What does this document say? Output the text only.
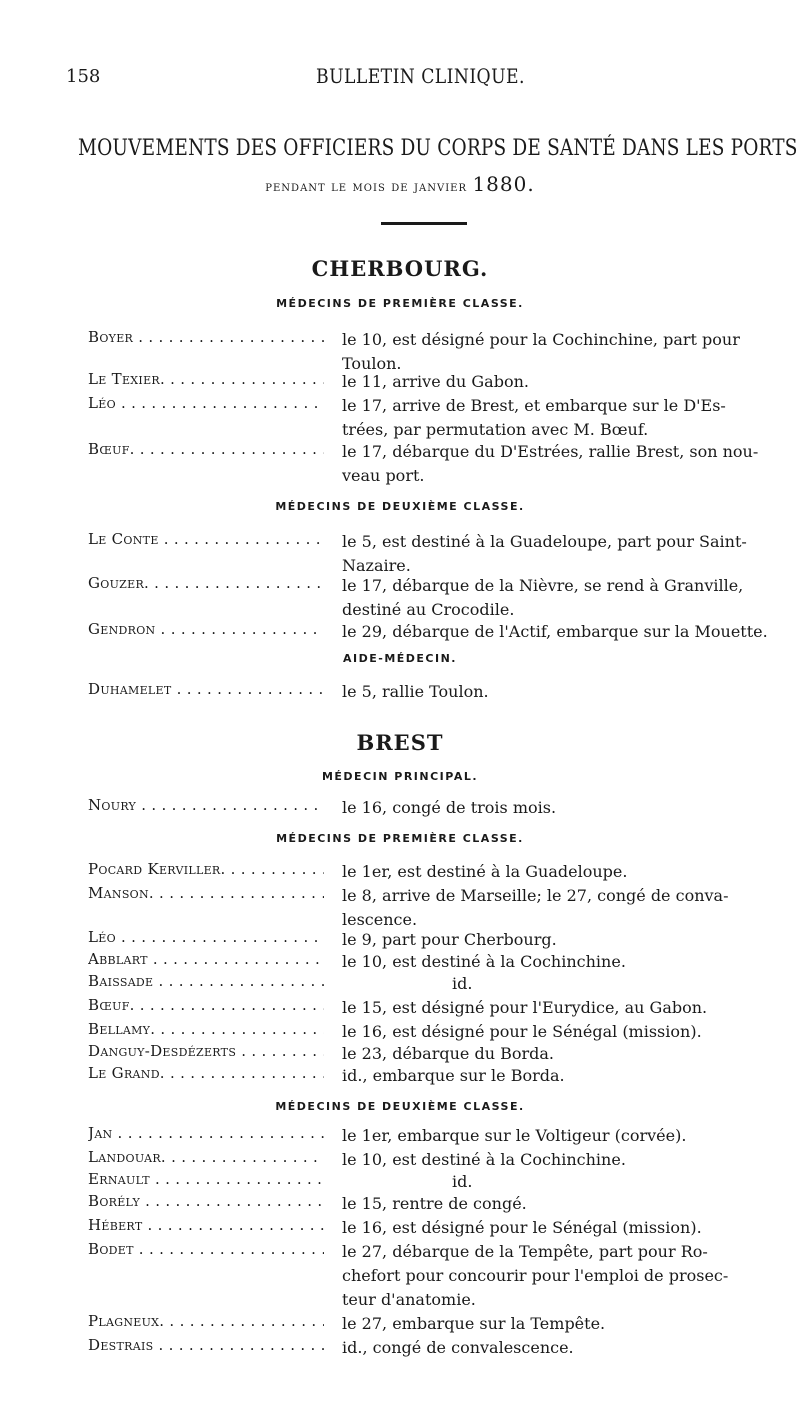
158	BULLETIN CLINIQUE.
MOUVEMENTS DES OFFICIERS DU CORPS DE SANTÉ DANS LES PORTS
pendant le mois de janvier 1880.
CHERBOURG.
MÉDECINS DE PREMIÈRE CLASSE.
Boyer . . .	le 10, est désigné pour la Cochinchine, part pour
Toulon.
Le Texier. . . .	le 11, arrive du Gabon.
Léo . . .	le 17, arrive de Brest, et embarque sur le D'Es-
trées, par permutation avec M. Bœuf.
Bœuf. . . .	le 17, débarque du D'Estrées, rallie Brest, son nou-
veau port.
MÉDECINS DE DEUXIÈME CLASSE.
Le Conte . . .	le 5, est destiné à la Guadeloupe, part pour Saint-
Nazaire.
Gouzer. . . .	le 17, débarque de la Nièvre, se rend à Granville,
destiné au Crocodile.
Gendron . . .	le 29, débarque de l'Actif, embarque sur la Mouette.
AIDE-MÉDECIN.
Duhamelet . . .	le 5, rallie Toulon.
BREST
MÉDECIN PRINCIPAL.
Noury . . .	le 16, congé de trois mois.
MÉDECINS DE PREMIÈRE CLASSE.
Pocard Kerviller. . . .	le 1er, est destiné à la Guadeloupe.
Manson. . . .	le 8, arrive de Marseille; le 27, congé de conva-
lescence.
Léo . . .	le 9, part pour Cherbourg.
Abblart . . .	le 10, est destiné à la Cochinchine.
Baissade . . .	id.
Bœuf. . . .	le 15, est désigné pour l'Eurydice, au Gabon.
Bellamy. . . .	le 16, est désigné pour le Sénégal (mission).
Danguy-Desdézerts . . .	le 23, débarque du Borda.
Le Grand. . . .	id., embarque sur le Borda.
MÉDECINS DE DEUXIÈME CLASSE.
Jan . . .	le 1er, embarque sur le Voltigeur (corvée).
Landouar. . . .	le 10, est destiné à la Cochinchine.
Ernault . . .	id.
Borély . . .	le 15, rentre de congé.
Hébert . . .	le 16, est désigné pour le Sénégal (mission).
Bodet . . .	le 27, débarque de la Tempête, part pour Ro-
chefort pour concourir pour l'emploi de prosec-
teur d'anatomie.
Plagneux. . . .	le 27, embarque sur la Tempête.
Destrais . . .	id., congé de convalescence.
